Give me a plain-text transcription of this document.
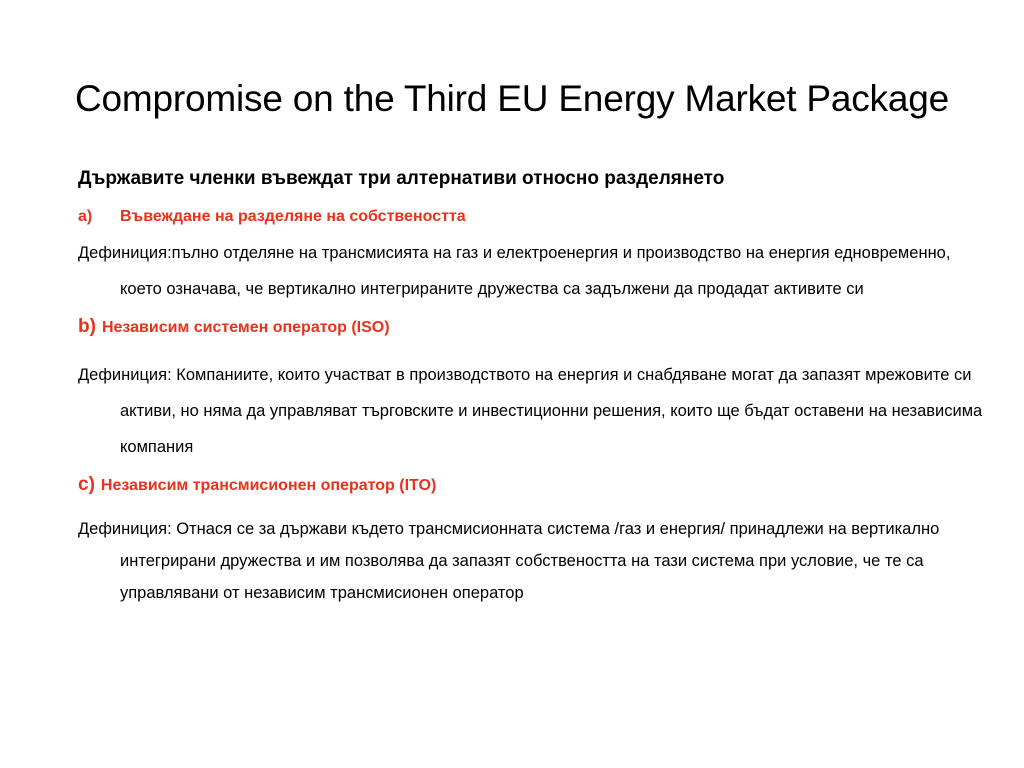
Compromise on the Third EU Energy Market Package
Държавите членки въвеждат три алтернативи относно разделянето
a) Въвеждане на разделяне на собствеността
Дефиниция:пълно отделяне на трансмисията на газ и електроенергия и производство на енергия едновременно, което означава, че вертикално интегрираните дружества са задължени да продадат активите си
b) Независим системен оператор (ISO)
Дефиниция: Компаниите, които участват в производството на енергия и снабдяване могат да запазят мрежовите си активи, но няма да управляват търговските и инвестиционни решения, които ще бъдат оставени на независима компания
c) Независим трансмисионен оператор (ITO)
Дефиниция: Отнася се за държави където трансмисионната система /газ и енергия/ принадлежи на вертикално интегрирани дружества и им позволява да запазят собствеността на тази система при условие, че те са управлявани от независим трансмисионен оператор
